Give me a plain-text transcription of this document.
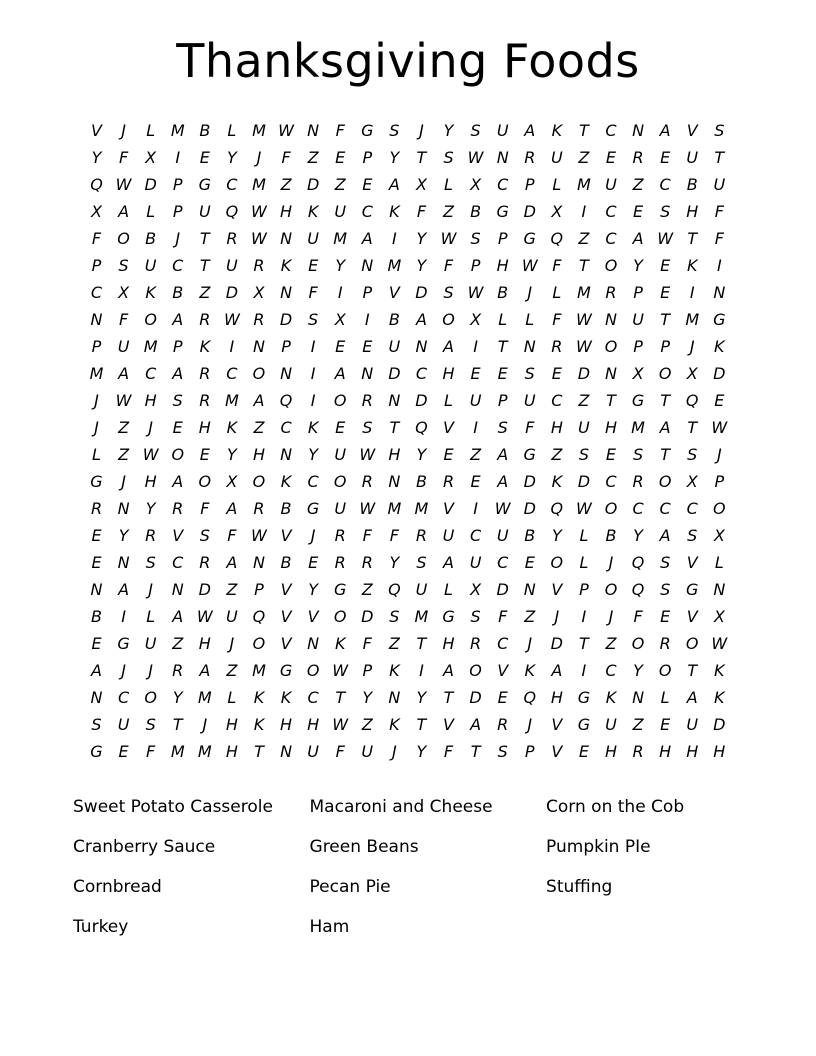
Thanksgiving Foods
V	J	L M B	L M W N	F	G S	J	Y	S	U A	K	T	C N A	V	S
Y	F	X	I	E	Y	J	F	Z	E	P	Y	T	S W N R U Z	E	R	E	U	T
Q W D	P	G C M Z D Z	E	A	X	L	X	C	P	L M U Z	C	B U
X	A	L	P	U Q W H K U C	K	F	Z	B G D X	I	C	E	S H	F
F	O B	J	T	R W N U M A	I	Y W S	P	G Q Z	C	A W T	F
P	S	U C	T	U R	K	E	Y	N M Y	F	P	H W F	T O Y	E	K	I
C	X	K	B	Z D X N	F	I	P	V D S W B	J	L M R	P	E	I	N
N	F	O A	R W R D S	X	I	B	A O X	L	L	F W N U	T M G
P	U M P	K	I	N	P	I	E	E	U N A	I	T	N R W O P	P	J	K
M A	C	A	R C O N	I	A N D C H	E	E	S	E D N X O X D
J	W H S	R M A Q	I	O R N D	L	U	P	U C	Z	T G T Q E
J	Z	J	E	H K	Z	C	K	E	S	T Q V	I	S	F	H U H M A	T W
L	Z W O E	Y	H N	Y	U W H	Y	E	Z	A G Z	S	E	S	T	S	J
G	J	H A O X O K	C O R N B	R	E	A D K D C R O X	P
R N	Y	R	F	A	R	B G U W M M V	I	W D Q W O C C C O
E	Y	R	V	S	F W V	J	R	F	F	R U C U B	Y	L	B	Y	A	S	X
E	N	S	C R	A N B	E	R R	Y	S	A U C	E O	L	J	Q S	V	L
N A	J	N D Z	P	V	Y G Z Q U	L	X D N V	P O Q S G N
B	I	L	A W U Q V	V O D S M G S	F	Z	J	I	J	F	E	V	X
E G U Z H	J	O V N K	F	Z	T	H R C	J	D	T	Z O R O W
A	J	J	R	A	Z M G O W P	K	I	A O V	K	A	I	C	Y O T	K
N C O Y M L	K	K	C	T	Y	N	Y	T	D E Q H G K N	L	A	K
S	U	S	T	J	H K H H W Z	K	T	V	A	R	J	V G U Z	E	U D
G E	F M M H	T	N U	F	U	J	Y	F	T	S	P	V	E	H R H H H
Sweet Potato Casserole
Cranberry Sauce
Cornbread
Turkey
Macaroni and Cheese
Green Beans
Pecan Pie
Ham
Corn on the Cob
Pumpkin PIe
Stuffing
